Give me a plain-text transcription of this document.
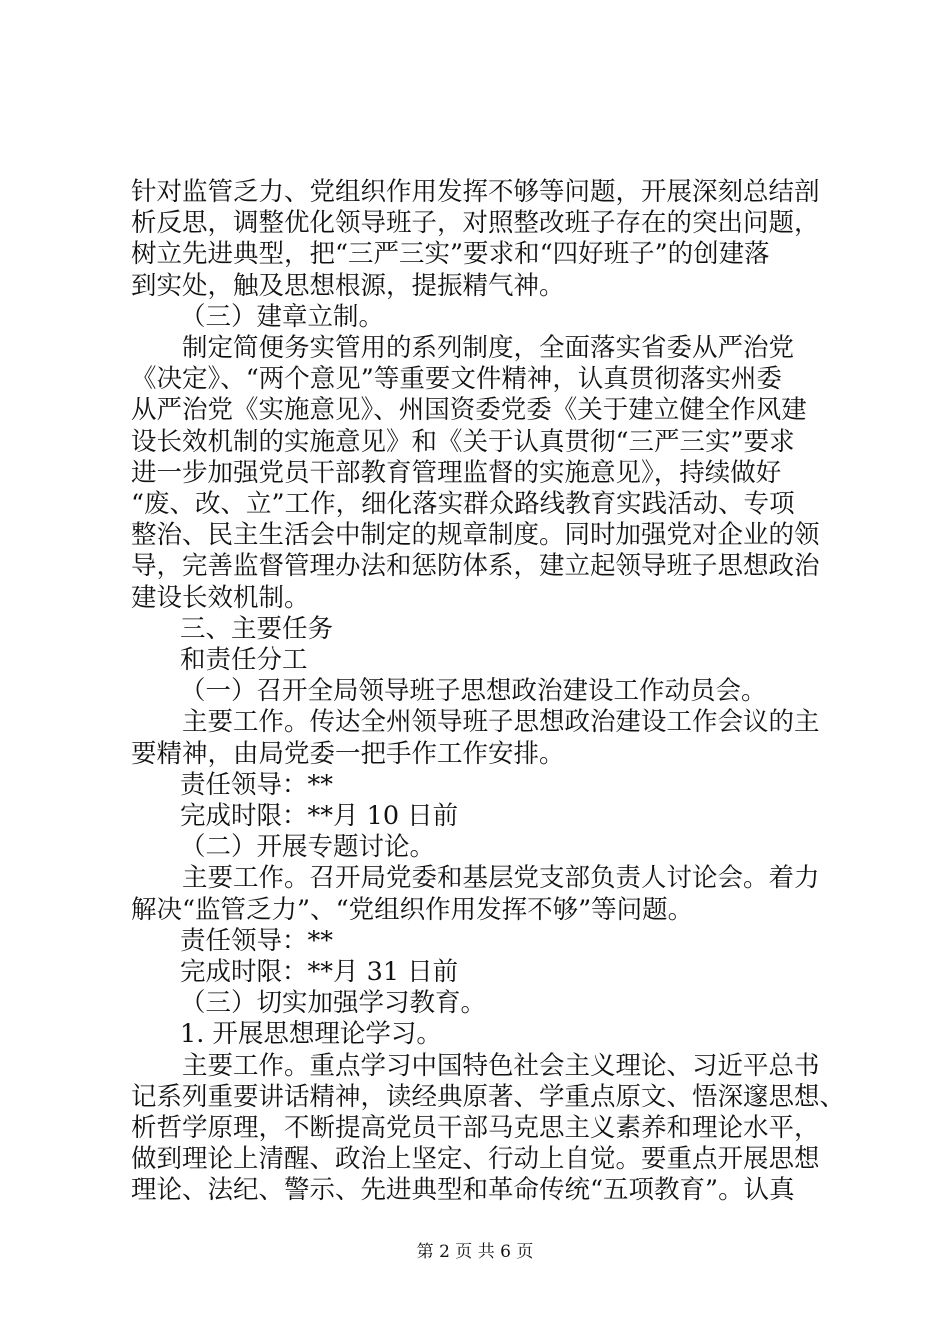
针对监管乏力、党组织作用发挥不够等问题，开展深刻总结剖
析反思，调整优化领导班子，对照整改班子存在的突出问题，
树立先进典型，把“三严三实”要求和“四好班子”的创建落
到实处，触及思想根源，提振精气神。
（三）建章立制。
制定简便务实管用的系列制度，全面落实省委从严治党
《决定》、“两个意见”等重要文件精神，认真贯彻落实州委
从严治党《实施意见》、州国资委党委《关于建立健全作风建
设长效机制的实施意见》和《关于认真贯彻“三严三实”要求
进一步加强党员干部教育管理监督的实施意见》，持续做好
“废、改、立”工作，细化落实群众路线教育实践活动、专项
整治、民主生活会中制定的规章制度。同时加强党对企业的领
导，完善监督管理办法和惩防体系，建立起领导班子思想政治
建设长效机制。
三、主要任务
和责任分工
（一）召开全局领导班子思想政治建设工作动员会。
主要工作。传达全州领导班子思想政治建设工作会议的主
要精神，由局党委一把手作工作安排。
责任领导：**
完成时限：**月 10 日前
（二）开展专题讨论。
主要工作。召开局党委和基层党支部负责人讨论会。着力
解决“监管乏力”、“党组织作用发挥不够”等问题。
责任领导：**
完成时限：**月 31 日前
（三）切实加强学习教育。
1. 开展思想理论学习。
主要工作。重点学习中国特色社会主义理论、习近平总书
记系列重要讲话精神，读经典原著、学重点原文、悟深邃思想、
析哲学原理，不断提高党员干部马克思主义素养和理论水平，
做到理论上清醒、政治上坚定、行动上自觉。要重点开展思想
理论、法纪、警示、先进典型和革命传统“五项教育”。认真
第 2 页 共 6 页
